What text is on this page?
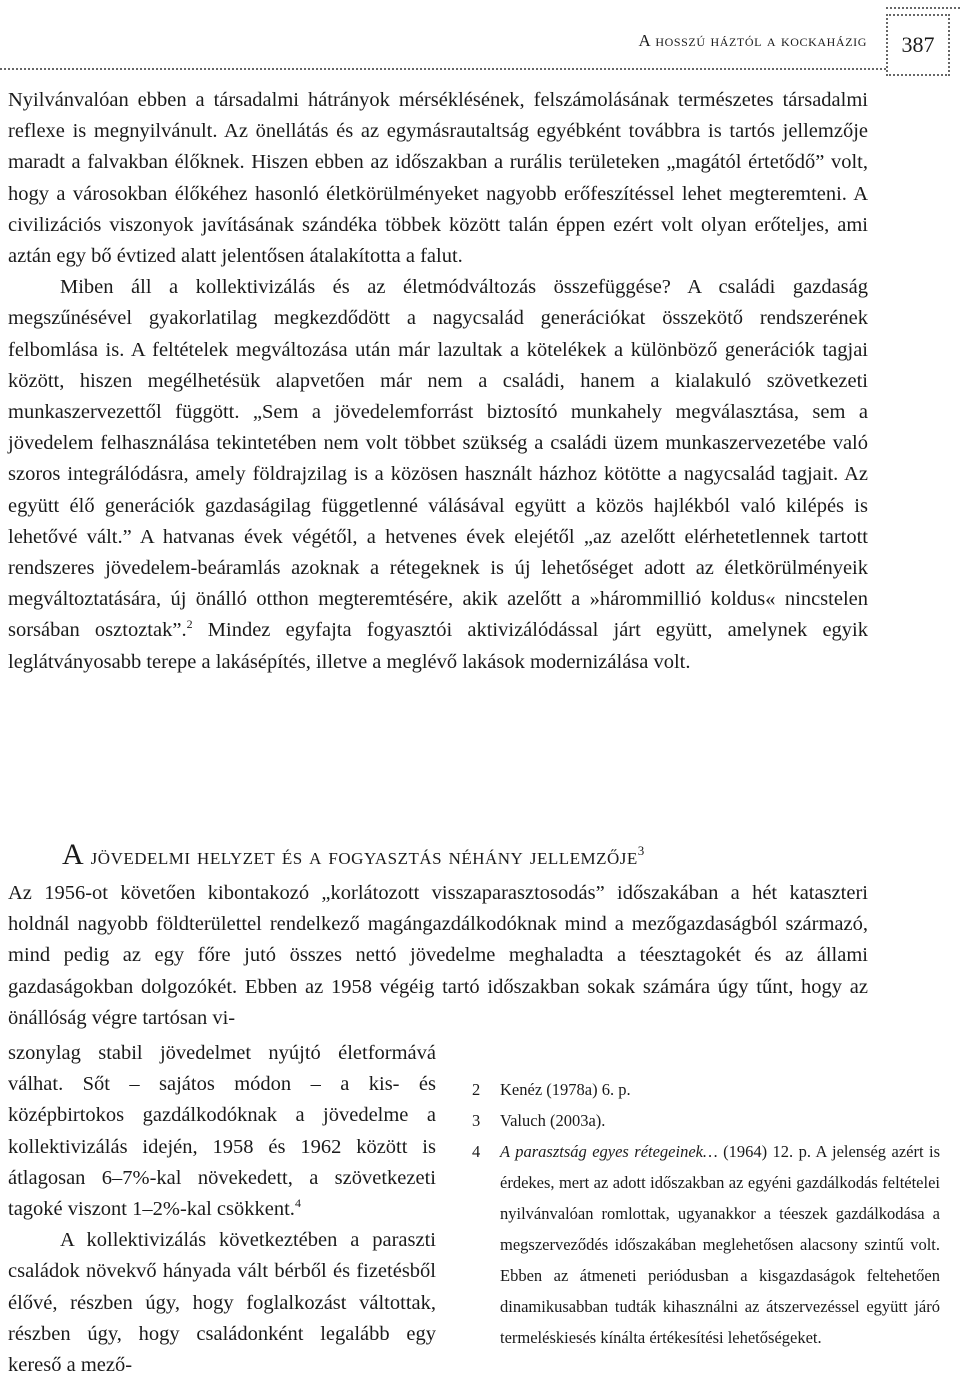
A hosszú háztól a kockaházig 387

Nyilvánvalóan ebben a társadalmi hátrányok mérséklésének, felszámolásának természetes társadalmi reflexe is megnyilvánult. Az önellátás és az egymásrautaltság egyébként továbbra is tartós jellemzője maradt a falvakban élőknek. Hiszen ebben az időszakban a rurális területeken „magától értetődő” volt, hogy a városokban élőkéhez hasonló életkörülményeket nagyobb erőfeszítéssel lehet megteremteni. A civilizációs viszonyok javításának szándéka többek között talán éppen ezért volt olyan erőteljes, ami aztán egy bő évtized alatt jelentősen átalakította a falut.

Miben áll a kollektivizálás és az életmódváltozás összefüggése? A családi gazdaság megszűnésével gyakorlatilag megkezdődött a nagycsalád generációkat összekötő rendszerének felbomlása is. A feltételek megváltozása után már lazultak a kötelékek a különböző generációk tagjai között, hiszen megélhetésük alapvetően már nem a családi, hanem a kialakuló szövetkezeti munkaszervezettől függött. „Sem a jövedelemforrást biztosító munkahely megválasztása, sem a jövedelem felhasználása tekintetében nem volt többet szükség a családi üzem munkaszervezetébe való szoros integrálódásra, amely földrajzilag is a közösen használt házhoz kötötte a nagycsalád tagjait. Az együtt élő generációk gazdaságilag függetlenné válásával együtt a közös hajlékból való kilépés is lehetővé vált.” A hatvanas évek végétől, a hetvenes évek elejétől „az azelőtt elérhetetlennek tartott rendszeres jövedelem-beáramlás azoknak a rétegeknek is új lehetőséget adott az életkörülményeik megváltoztatására, új önálló otthon megteremtésére, akik azelőtt a »hárommillió koldus« nincstelen sorsában osztoztak”.$^2$ Mindez egyfajta fogyasztói aktivizálódással járt együtt, amelynek egyik leglátványosabb terepe a lakásépítés, illetve a meglévő lakások modernizálása volt.

A jövedelmi helyzet és a fogyasztás néhány jellemzője$^3$

Az 1956-ot követően kibontakozó „korlátozott visszaparasztosodás” időszakában a hét kataszteri holdnál nagyobb földterülettel rendelkező magángazdálkodóknak mind a mezőgazdaságból származó, mind pedig az egy főre jutó összes nettó jövedelme meghaladta a téesztagokét és az állami gazdaságokban dolgozókét. Ebben az 1958 végéig tartó időszakban sokak számára úgy tűnt, hogy az önállóság végre tartósan vi-

szonylag stabil jövedelmet nyújtó életformává válhat. Sőt – sajátos módon – a kis- és középbirtokos gazdálkodóknak a jövedelme a kollektivizálás idején, 1958 és 1962 között is átlagosan 6–7%-kal növekedett, a szövetkezeti tagoké viszont 1–2%-kal csökkent.$^4$

A kollektivizálás következtében a paraszti családok növekvő hányada vált bérből és fizetésből élővé, részben úgy, hogy foglalkozást váltottak, részben úgy, hogy családonként legalább egy kereső a mező-

2 Kenéz (1978a) 6. p.

3 Valuch (2003a).

4 A parasztság egyes rétegeinek… (1964) 12. p. A jelenség azért is érdekes, mert az adott időszakban az egyéni gazdálkodás feltételei nyilvánvalóan romlottak, ugyanakkor a téeszek gazdálkodása a megszerveződés időszakában meglehetősen alacsony szintű volt. Ebben az átmeneti periódusban a kisgazdaságok feltehetően dinamikusabban tudták kihasználni az átszervezéssel együtt járó termeléskiesés kínálta értékesítési lehetőségeket.
